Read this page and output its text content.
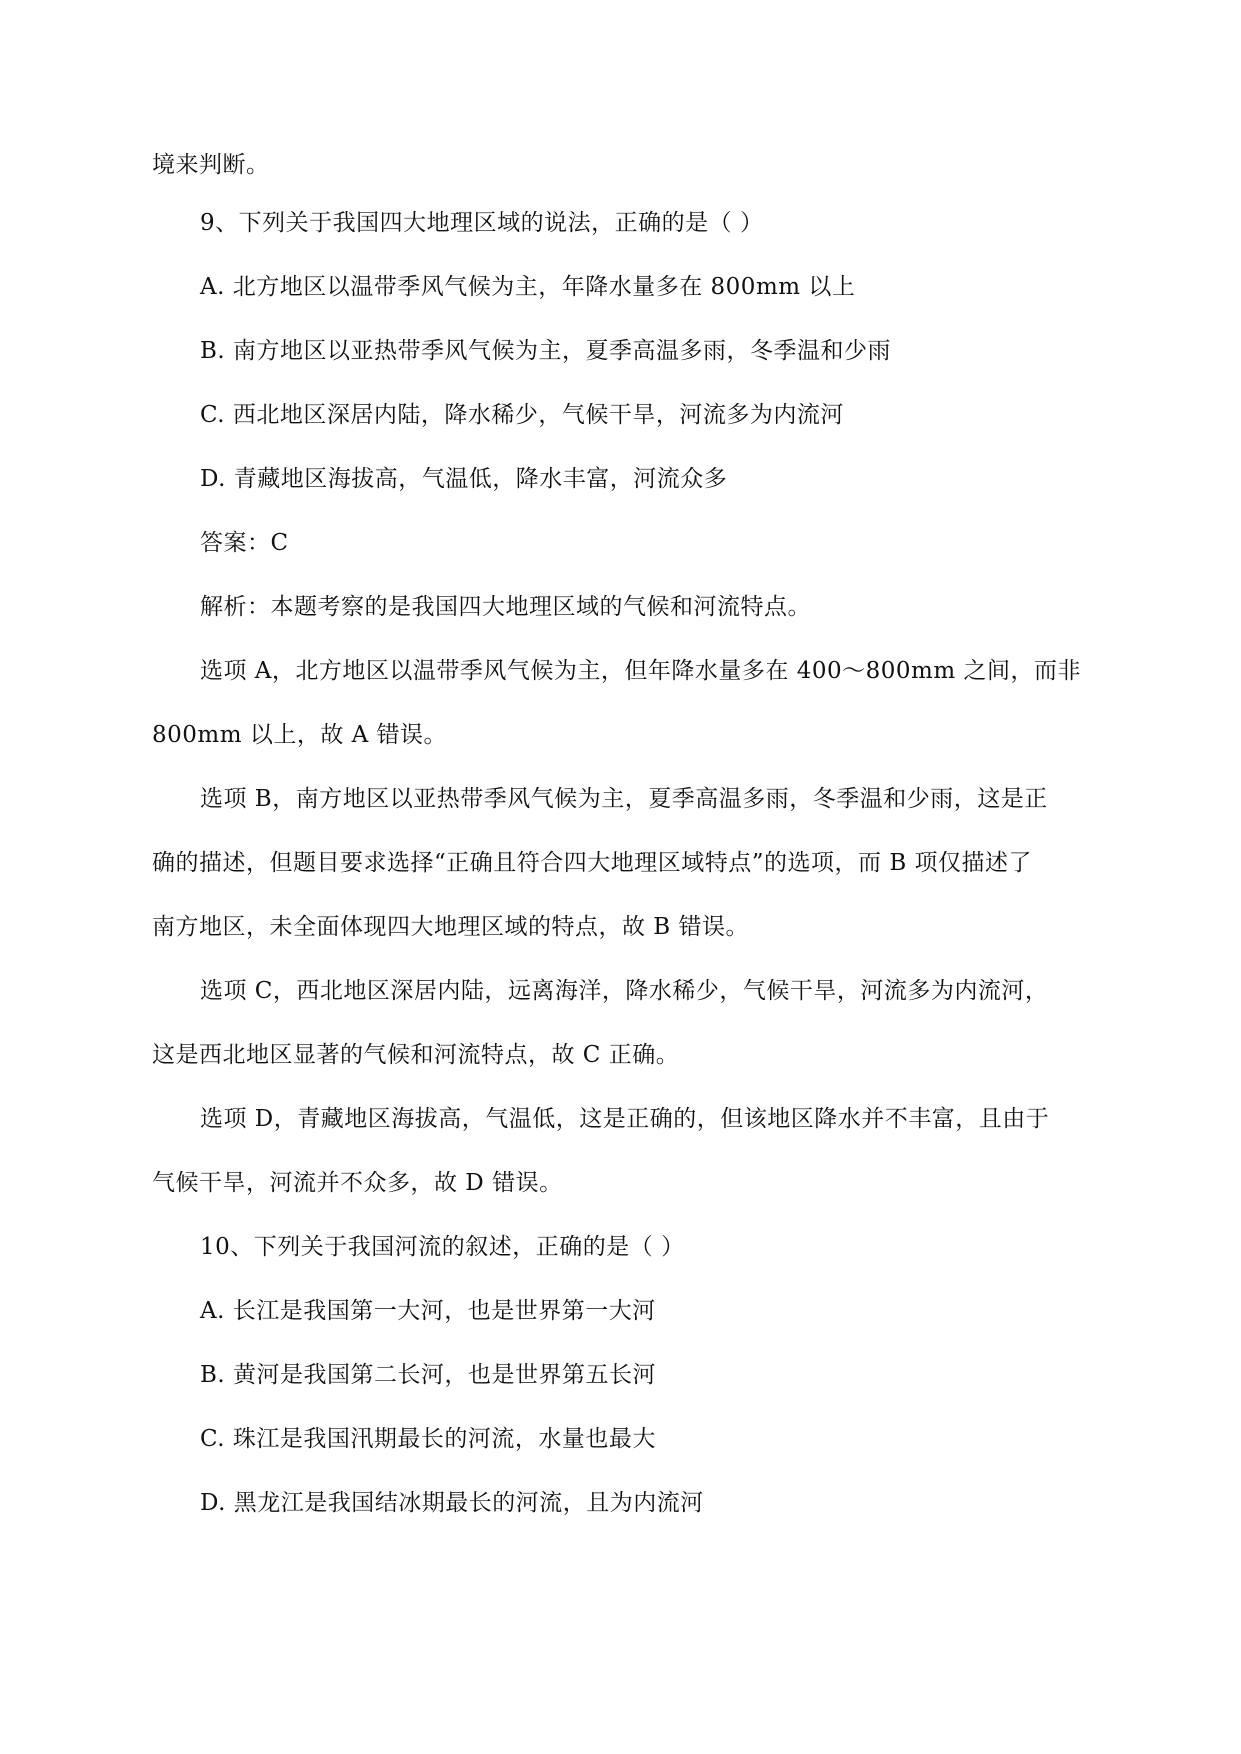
境来判断。
9、下列关于我国四大地理区域的说法，正确的是（ ）
A. 北方地区以温带季风气候为主，年降水量多在 800mm 以上
B. 南方地区以亚热带季风气候为主，夏季高温多雨，冬季温和少雨
C. 西北地区深居内陆，降水稀少，气候干旱，河流多为内流河
D. 青藏地区海拔高，气温低，降水丰富，河流众多
答案：C
解析：本题考察的是我国四大地理区域的气候和河流特点。
选项 A，北方地区以温带季风气候为主，但年降水量多在 400～800mm 之间，而非
800mm 以上，故 A 错误。
选项 B，南方地区以亚热带季风气候为主，夏季高温多雨，冬季温和少雨，这是正
确的描述，但题目要求选择“正确且符合四大地理区域特点”的选项，而 B 项仅描述了
南方地区，未全面体现四大地理区域的特点，故 B 错误。
选项 C，西北地区深居内陆，远离海洋，降水稀少，气候干旱，河流多为内流河，
这是西北地区显著的气候和河流特点，故 C 正确。
选项 D，青藏地区海拔高，气温低，这是正确的，但该地区降水并不丰富，且由于
气候干旱，河流并不众多，故 D 错误。
10、下列关于我国河流的叙述，正确的是（ ）
A. 长江是我国第一大河，也是世界第一大河
B. 黄河是我国第二长河，也是世界第五长河
C. 珠江是我国汛期最长的河流，水量也最大
D. 黑龙江是我国结冰期最长的河流，且为内流河
